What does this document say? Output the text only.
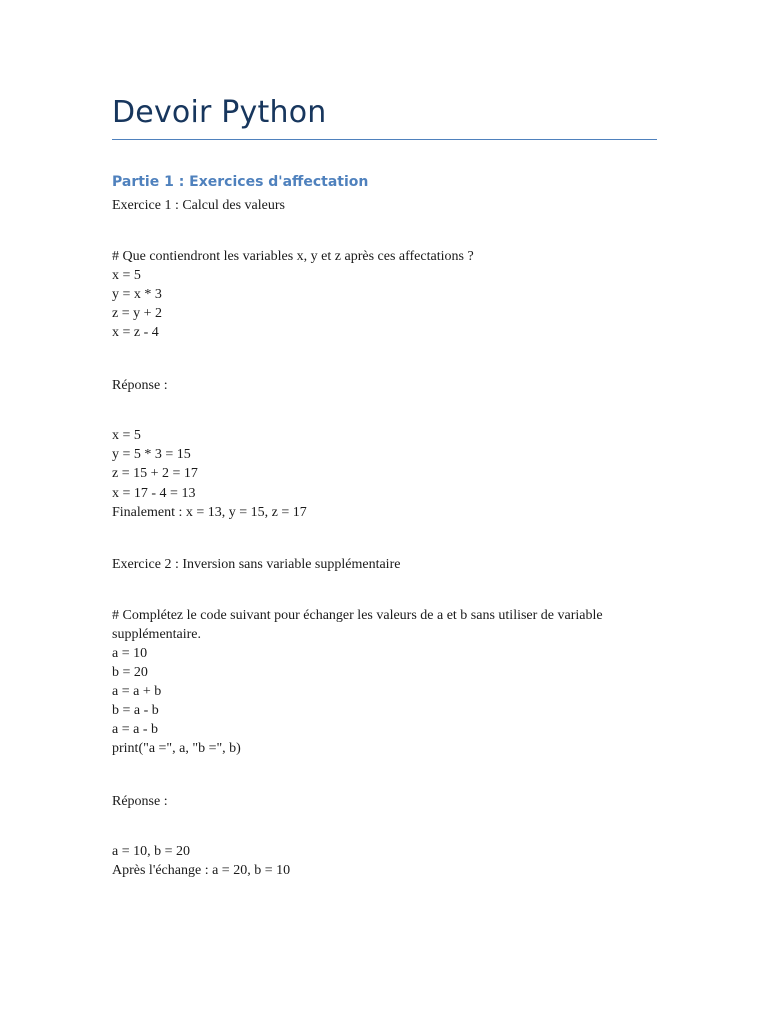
Devoir Python
Partie 1 : Exercices d'affectation
Exercice 1 : Calcul des valeurs
# Que contiendront les variables x, y et z après ces affectations ?
x = 5
y = x * 3
z = y + 2
x = z - 4
Réponse :
x = 5
y = 5 * 3 = 15
z = 15 + 2 = 17
x = 17 - 4 = 13
Finalement : x = 13, y = 15, z = 17
Exercice 2 : Inversion sans variable supplémentaire
# Complétez le code suivant pour échanger les valeurs de a et b sans utiliser de variable
supplémentaire.
a = 10
b = 20
a = a + b
b = a - b
a = a - b
print("a =", a, "b =", b)
Réponse :
a = 10, b = 20
Après l'échange : a = 20, b = 10
